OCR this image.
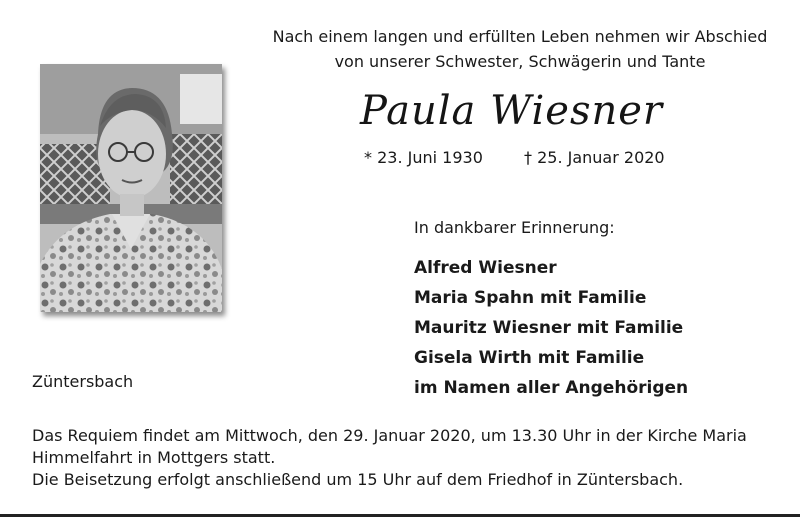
Nach einem langen und erfüllten Leben nehmen wir Abschied
von unserer Schwester, Schwägerin und Tante
Paula Wiesner
* 23. Juni 1930	† 25. Januar 2020
In dankbarer Erinnerung:
Alfred Wiesner
Maria Spahn mit Familie
Mauritz Wiesner mit Familie
Gisela Wirth mit Familie
im Namen aller Angehörigen
Züntersbach
Das Requiem findet am Mittwoch, den 29. Januar 2020, um 13.30 Uhr in der Kirche Maria
Himmelfahrt in Mottgers statt.
Die Beisetzung erfolgt anschließend um 15 Uhr auf dem Friedhof in Züntersbach.
